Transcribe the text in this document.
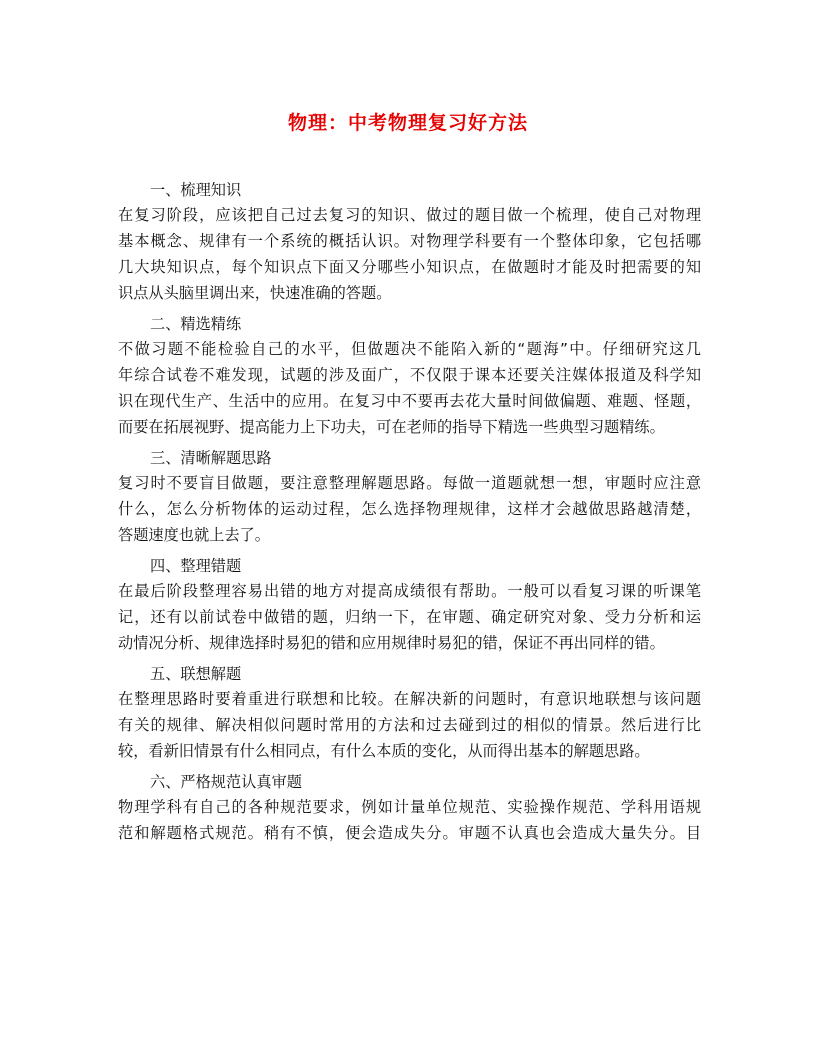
物理：中考物理复习好方法

一、梳理知识

在复习阶段，应该把自己过去复习的知识、做过的题目做一个梳理，使自己对物理
基本概念、规律有一个系统的概括认识。对物理学科要有一个整体印象，它包括哪
几大块知识点，每个知识点下面又分哪些小知识点，在做题时才能及时把需要的知
识点从头脑里调出来，快速准确的答题。

二、精选精练

不做习题不能检验自己的水平，但做题决不能陷入新的“题海”中。仔细研究这几
年综合试卷不难发现，试题的涉及面广，不仅限于课本还要关注媒体报道及科学知
识在现代生产、生活中的应用。在复习中不要再去花大量时间做偏题、难题、怪题，
而要在拓展视野、提高能力上下功夫，可在老师的指导下精选一些典型习题精练。

三、清晰解题思路

复习时不要盲目做题，要注意整理解题思路。每做一道题就想一想，审题时应注意
什么，怎么分析物体的运动过程，怎么选择物理规律，这样才会越做思路越清楚，
答题速度也就上去了。

四、整理错题

在最后阶段整理容易出错的地方对提高成绩很有帮助。一般可以看复习课的听课笔
记，还有以前试卷中做错的题，归纳一下，在审题、确定研究对象、受力分析和运
动情况分析、规律选择时易犯的错和应用规律时易犯的错，保证不再出同样的错。

五、联想解题

在整理思路时要着重进行联想和比较。在解决新的问题时，有意识地联想与该问题
有关的规律、解决相似问题时常用的方法和过去碰到过的相似的情景。然后进行比
较，看新旧情景有什么相同点，有什么本质的变化，从而得出基本的解题思路。

六、严格规范认真审题

物理学科有自己的各种规范要求，例如计量单位规范、实验操作规范、学科用语规
范和解题格式规范。稍有不慎，便会造成失分。审题不认真也会造成大量失分。目
